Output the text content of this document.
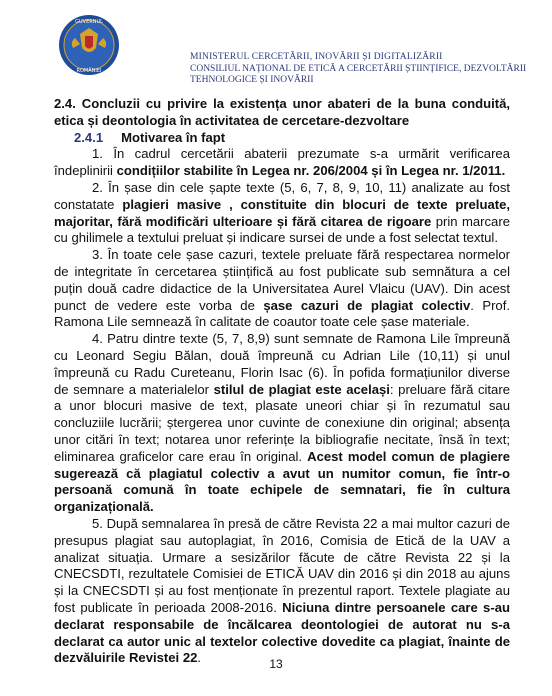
GUVERNUL
ROMÂNIEI
MINISTERUL CERCETĂRII, INOVĂRII ȘI DIGITALIZĂRII
CONSILIUL NAȚIONAL DE ETICĂ A CERCETĂRII ȘTIINȚIFICE, DEZVOLTĂRII
TEHNOLOGICE ȘI INOVĂRII

2.4. Concluzii cu privire la existența unor abateri de la buna conduită, etica și deontologia în activitatea de cercetare-dezvoltare

2.4.1 Motivarea în fapt

1. În cadrul cercetării abaterii prezumate s-a urmărit verificarea îndeplinirii condițiilor stabilite în Legea nr. 206/2004 și în Legea nr. 1/2011.

2. În șase din cele șapte texte (5, 6, 7, 8, 9, 10, 11) analizate au fost constatate plagieri masive , constituite din blocuri de texte preluate, majoritar, fără modificări ulterioare și fără citarea de rigoare prin marcare cu ghilimele a textului preluat și indicare sursei de unde a fost selectat textul.

3. În toate cele șase cazuri, textele preluate fără respectarea normelor de integritate în cercetarea științifică au fost publicate sub semnătura a cel puțin două cadre didactice de la Universitatea Aurel Vlaicu (UAV). Din acest punct de vedere este vorba de șase cazuri de plagiat colectiv. Prof. Ramona Lile semnează în calitate de coautor toate cele șase materiale.

4. Patru dintre texte (5, 7, 8,9) sunt semnate de Ramona Lile împreună cu Leonard Segiu Bălan, două împreună cu Adrian Lile (10,11) și unul împreună cu Radu Cureteanu, Florin Isac (6). În pofida formațiunilor diverse de semnare a materialelor stilul de plagiat este același: preluare fără citare a unor blocuri masive de text, plasate uneori chiar și în rezumatul sau concluziile lucrării; ștergerea unor cuvinte de conexiune din original; absența unor citări în text; notarea unor referințe la bibliografie necitate, însă în text; eliminarea graficelor care erau în original. Acest model comun de plagiere sugerează că plagiatul colectiv a avut un numitor comun, fie într-o persoană comună în toate echipele de semnatari, fie în cultura organizațională.

5. După semnalarea în presă de către Revista 22 a mai multor cazuri de presupus plagiat sau autoplagiat, în 2016, Comisia de Etică de la UAV a analizat situația. Urmare a sesizărilor făcute de către Revista 22 și la CNECSDTI, rezultatele Comisiei de ETICĂ UAV din 2016 și din 2018 au ajuns și la CNECSDTI și au fost menționate în prezentul raport. Textele plagiate au fost publicate în perioada 2008-2016. Niciuna dintre persoanele care s-au declarat responsabile de încălcarea deontologiei de autorat nu s-a declarat ca autor unic al textelor colective dovedite ca plagiat, înainte de dezvăluirile Revistei 22.	13
